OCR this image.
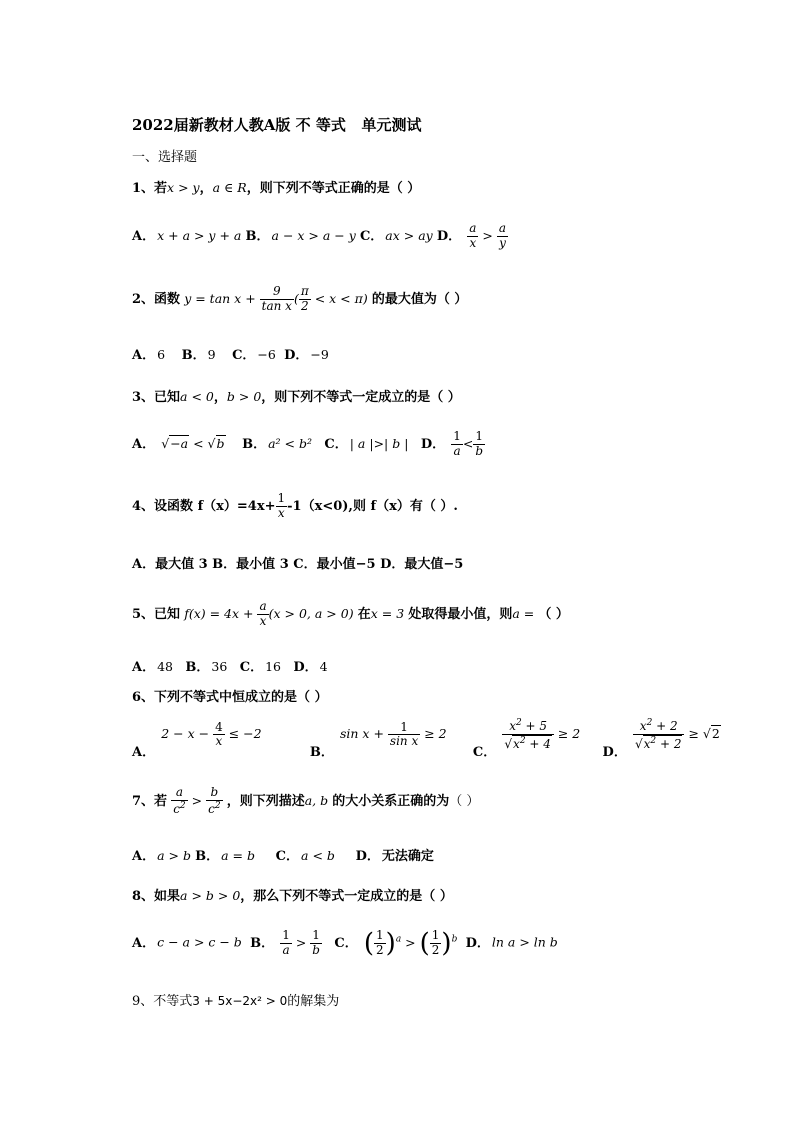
2022届新教材人教A版 不 等式   单元测试
一、选择题
1、若x > y，a ∈ R，则下列不等式正确的是（ ）
A． x + a > y + a B． a − x > a − y C． ax > ay D． $\frac{a}{x} > \frac{a}{y}$
2、函数 $y = \tan x + \frac{9}{\text{tan x}}$ ( $\frac{\pi}{2} < x < \pi$) 的最大值为（ ）
A． 6 B． 9 C． −6 D． −9
3、已知a < 0，b > 0，则下列不等式一定成立的是（ ）
A． √−a < √b B． a² < b² C． | a |>| b | D． $\frac{1}{a} < \frac{1}{b}$
4、设函数 $f(x)=4x+ \frac{1}{x} -1(x<0)$,则 f（x）有（ ）.
A．最大值 3 B．最小值 3 C．最小值−5 D．最大值−5
5、已知 $f(x) = 4x + \frac{a}{x} (x > 0$, a > 0) 在x = 3 处取得最小值，则a = （ ）
A． 48 B． 36 C． 16 D． 4
6、下列不等式中恒成立的是（ ）
A． $2 - x - \frac{4}{x} \le -2$  B． $\sin x + \frac{1}{\text{sin x}} \ge 2$  C．
$\frac{x^2 + 5}{√x^2 + 4} \ge 2$  D．
$\frac{x^2 + 2}{√x^2 + 2} \ge √2$
7、若 $\frac{a}{c^2} > \frac{b}{c^2}$ ，则下列描述a, b 的大小关系正确的为（ ）
A． a > b B． a = b C． a < b D． 无法确定
8、如果a > b > 0，那么下列不等式一定成立的是（ ）
A． c − a > c − b B． $\frac{1}{a} > \frac{1}{b}$ C． ( $\frac{1}{2} )^a$ > ( $\frac{1}{2} )^b$ D． ln a > ln b
9、不等式3 + 5x−2x² > 0的解集为
